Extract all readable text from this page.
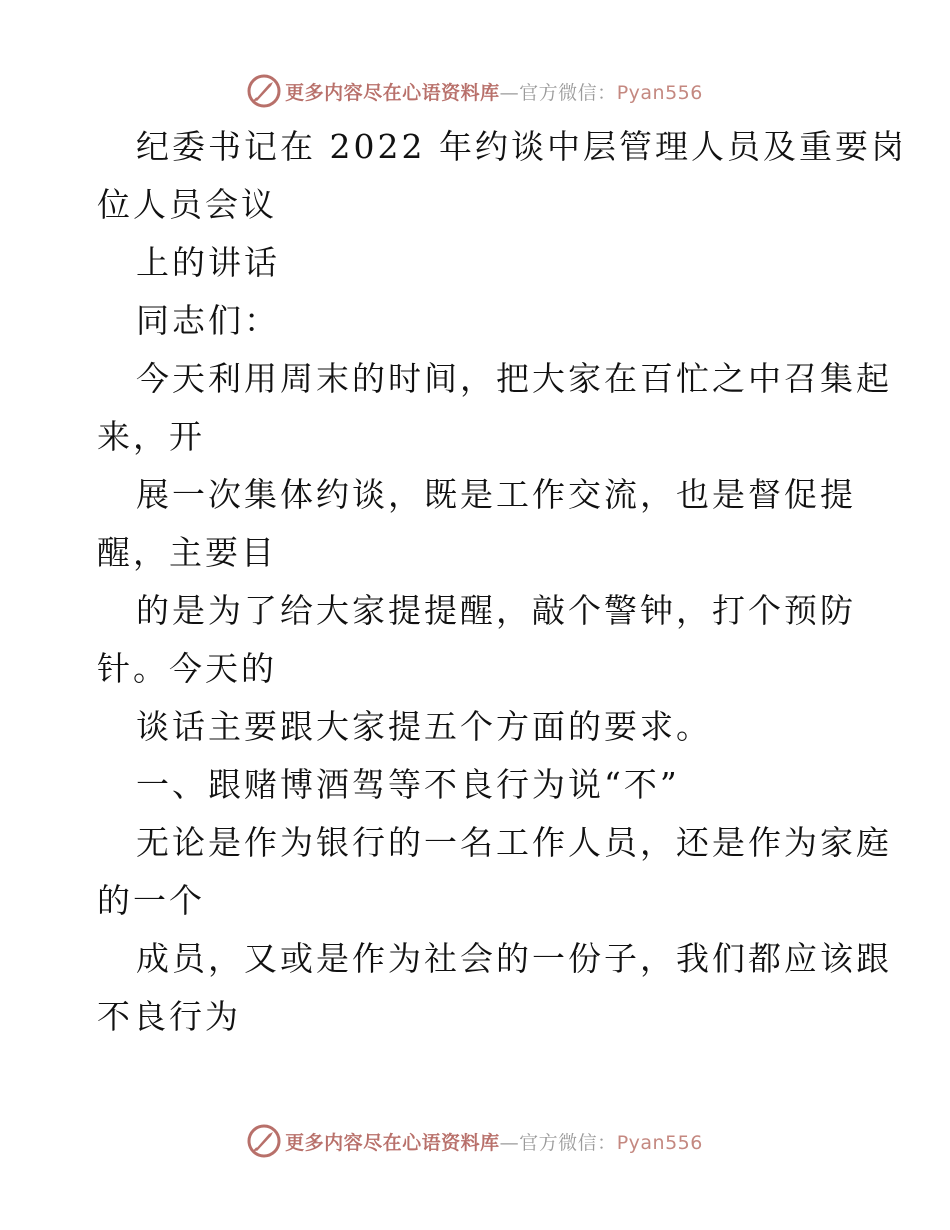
更多内容尽在心语资料库—官方微信：Pyan556
纪委书记在 2022 年约谈中层管理人员及重要岗
位人员会议
上的讲话
同志们：
今天利用周末的时间，把大家在百忙之中召集起
来，开
展一次集体约谈，既是工作交流，也是督促提
醒，主要目
的是为了给大家提提醒，敲个警钟，打个预防
针。今天的
谈话主要跟大家提五个方面的要求。
一、跟赌博酒驾等不良行为说“不”
无论是作为银行的一名工作人员，还是作为家庭
的一个
成员，又或是作为社会的一份子，我们都应该跟
不良行为
更多内容尽在心语资料库—官方微信：Pyan556
